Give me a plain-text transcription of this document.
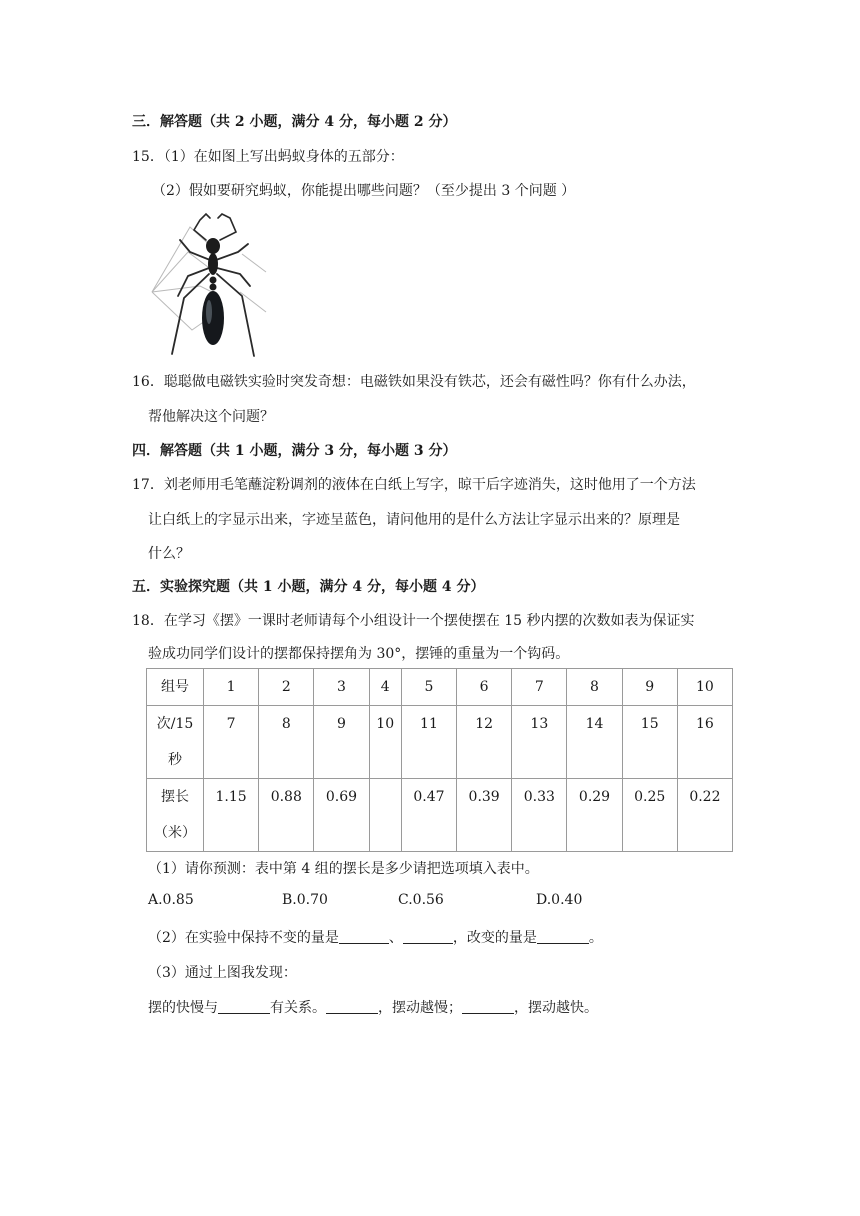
三．解答题（共 2 小题，满分 4 分，每小题 2 分）
15．（1）在如图上写出蚂蚁身体的五部分：
（2）假如要研究蚂蚁，你能提出哪些问题？（至少提出 3 个问题 ）
16．聪聪做电磁铁实验时突发奇想：电磁铁如果没有铁芯，还会有磁性吗？你有什么办法，
帮他解决这个问题？
四．解答题（共 1 小题，满分 3 分，每小题 3 分）
17．刘老师用毛笔蘸淀粉调剂的液体在白纸上写字，晾干后字迹消失，这时他用了一个方法
让白纸上的字显示出来，字迹呈蓝色，请问他用的是什么方法让字显示出来的？原理是
什么？
五．实验探究题（共 1 小题，满分 4 分，每小题 4 分）
18．在学习《摆》一课时老师请每个小组设计一个摆使摆在 15 秒内摆的次数如表为保证实
验成功同学们设计的摆都保持摆角为 30°，摆锤的重量为一个钩码。
组号	1	2	3	4	5	6	7	8	9	10
次/15
秒	7	8	9	10	11	12	13	14	15	16
摆长
（米）	1.15	0.88	0.69		0.47	0.39	0.33	0.29	0.25	0.22
（1）请你预测：表中第 4 组的摆长是多少请把选项填入表中。
A.0.85	B.0.70	C.0.56	D.0.40
（2）在实验中保持不变的量是	、	，改变的量是	。
（3）通过上图我发现：
摆的快慢与	有关系。	，摆动越慢；	，摆动越快。
